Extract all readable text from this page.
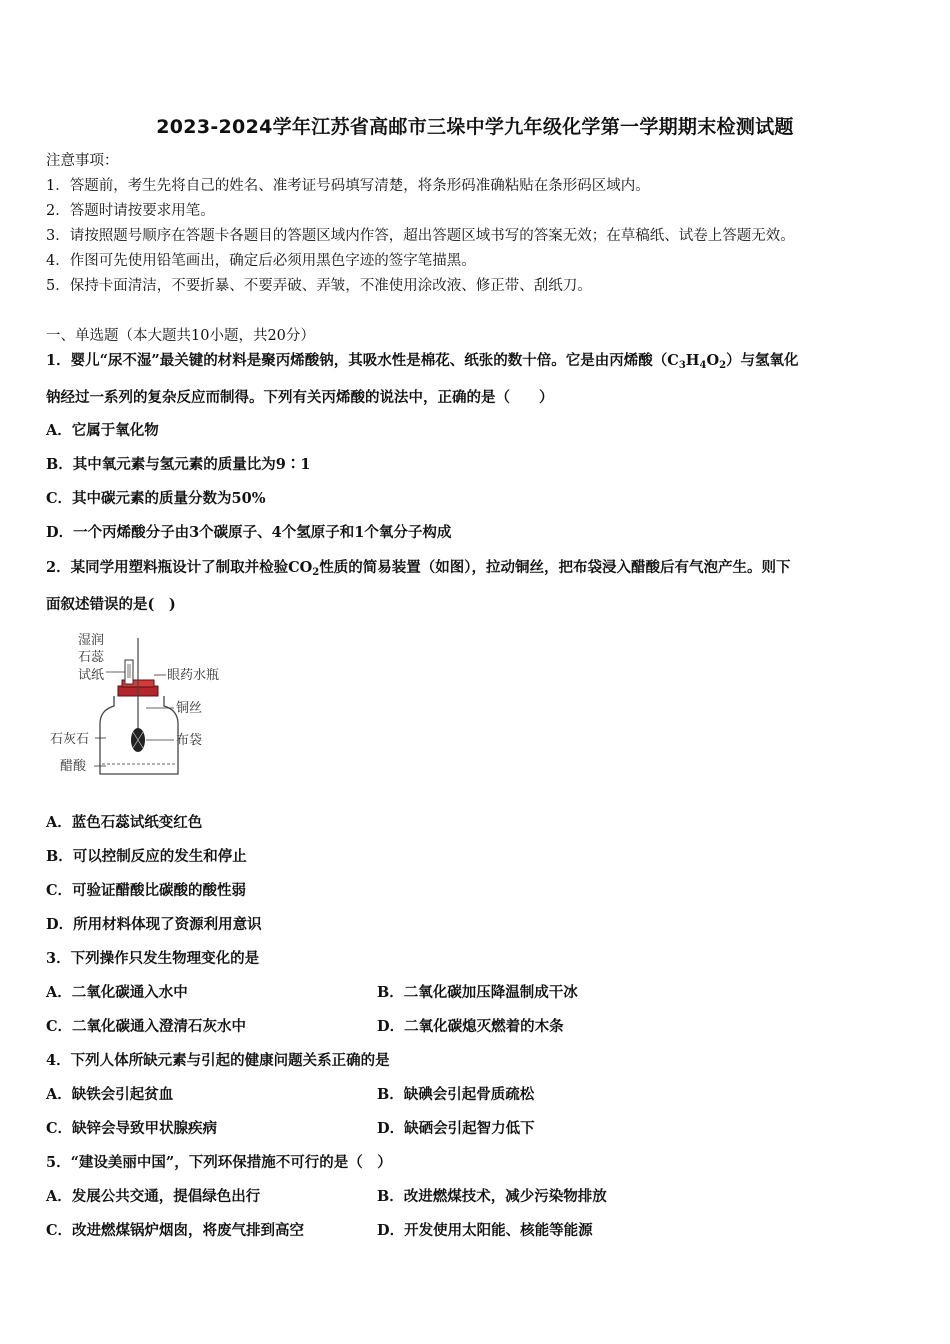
2023-2024学年江苏省高邮市三垛中学九年级化学第一学期期末检测试题
注意事项：
1．答题前，考生先将自己的姓名、准考证号码填写清楚，将条形码准确粘贴在条形码区域内。
2．答题时请按要求用笔。
3．请按照题号顺序在答题卡各题目的答题区域内作答，超出答题区域书写的答案无效；在草稿纸、试卷上答题无效。
4．作图可先使用铅笔画出，确定后必须用黑色字迹的签字笔描黑。
5．保持卡面清洁，不要折暴、不要弄破、弄皱，不准使用涂改液、修正带、刮纸刀。
一、单选题（本大题共10小题，共20分）
1．婴儿“尿不湿”最关键的材料是聚丙烯酸钠，其吸水性是棉花、纸张的数十倍。它是由丙烯酸$(C_3H_4O_2)$与氢氧化
钠经过一系列的复杂反应而制得。下列有关丙烯酸的说法中，正确的是（　　）
A．它属于氧化物
B．其中氧元素与氢元素的质量比为9∶1
C．其中碳元素的质量分数为50%
D．一个丙烯酸分子由3个碳原子、4个氢原子和1个氧分子构成
2．某同学用塑料瓶设计了制取并检验$CO_2$性质的简易装置（如图），拉动铜丝，把布袋浸入醋酸后有气泡产生。则下
面叙述错误的是(　)
湿润
石蕊
试纸	眼药水瓶
铜丝
石灰石	布袋
醋酸
A．蓝色石蕊试纸变红色
B．可以控制反应的发生和停止
C．可验证醋酸比碳酸的酸性弱
D．所用材料体现了资源利用意识
3．下列操作只发生物理变化的是
A．二氧化碳通入水中	B．二氧化碳加压降温制成干冰
C．二氧化碳通入澄清石灰水中	D．二氧化碳熄灭燃着的木条
4．下列人体所缺元素与引起的健康问题关系正确的是
A．缺铁会引起贫血	B．缺碘会引起骨质疏松
C．缺锌会导致甲状腺疾病	D．缺硒会引起智力低下
5．“建设美丽中国”，下列环保措施不可行的是（　）
A．发展公共交通，提倡绿色出行	B．改进燃煤技术，减少污染物排放
C．改进燃煤锅炉烟囱，将废气排到高空	D．开发使用太阳能、核能等能源
